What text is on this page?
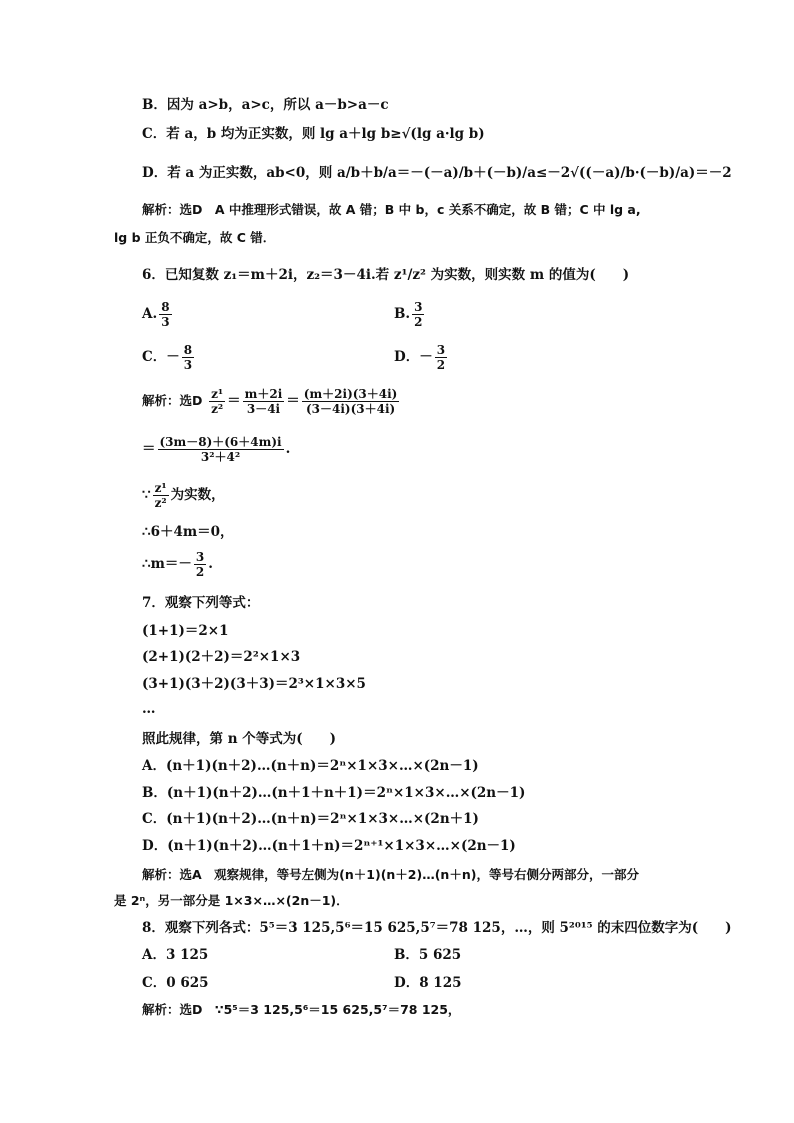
B．因为 a>b，a>c，所以 a－b>a－c
C．若 a，b 均为正实数，则 lg a＋lg b≥√(lg a·lg b)
D．若 a 为正实数，ab<0，则 a/b＋b/a＝－(－a)/b＋(－b)/a≤－2√((－a)/b·(－b)/a)＝－2
解析：选D　A 中推理形式错误，故 A 错；B 中 b，c 关系不确定，故 B 错；C 中 lg a,
lg b 正负不确定，故 C 错．
6．已知复数 z₁＝m＋2i，z₂＝3－4i.若 z¹/z² 为实数，则实数 m 的值为(　　)
A. $\frac{8}{3}$	B. $\frac{3}{2}$
C．－ $\frac{8}{3}$	D．－ $\frac{3}{2}$
解析：选D $\frac{\text{z¹}}{\text{z²}} = \frac{m+2i}{3-4i} = \frac{(m+2i)(3+4i)}{(3-4i)(3+4i)}$
＝ $\frac{(3m-8)+(6+4m)i}{\text{3²＋4²}}$ .
∵ $\frac{\text{z¹}}{\text{z²}}$ 为实数，
∴6＋4m＝0，
∴m＝－ $\frac{3}{2}$ .
7．观察下列等式：
(1+1)＝2×1
(2+1)(2＋2)＝2²×1×3
(3+1)(3＋2)(3＋3)＝2³×1×3×5
…
照此规律，第 n 个等式为(　　)
A．(n＋1)(n＋2)…(n＋n)＝2ⁿ×1×3×…×(2n－1)
B．(n＋1)(n＋2)…(n＋1＋n＋1)＝2ⁿ×1×3×…×(2n－1)
C．(n＋1)(n＋2)…(n＋n)＝2ⁿ×1×3×…×(2n＋1)
D．(n＋1)(n＋2)…(n＋1＋n)＝2ⁿ⁺¹×1×3×…×(2n－1)
解析：选A　观察规律，等号左侧为(n＋1)(n＋2)…(n＋n)，等号右侧分两部分，一部分
是 2ⁿ，另一部分是 1×3×…×(2n－1)．
8．观察下列各式：5⁵＝3 125,5⁶＝15 625,5⁷＝78 125，…，则 5²⁰¹⁵ 的末四位数字为(　　)
A．3 125	B．5 625
C．0 625	D．8 125
解析：选D　∵5⁵＝3 125,5⁶＝15 625,5⁷＝78 125，
